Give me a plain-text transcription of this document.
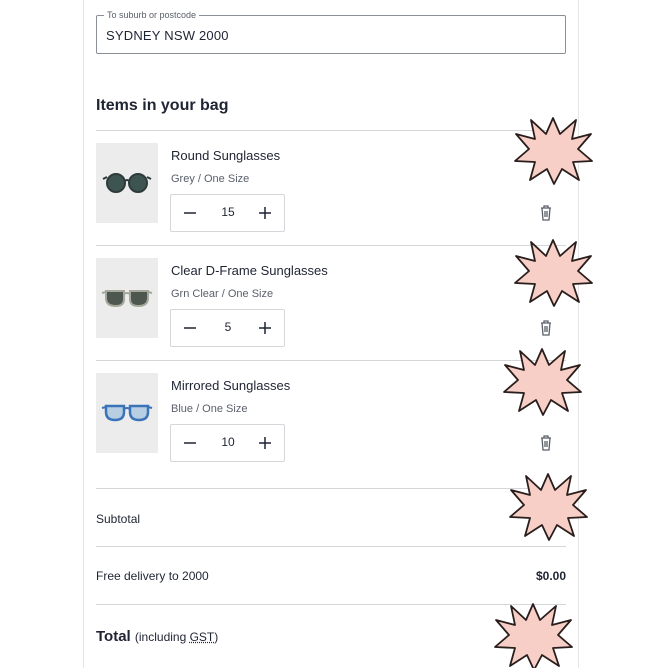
To suburb or postcode
SYDNEY NSW 2000
Items in your bag
Round Sunglasses
Grey / One Size
15
Clear D-Frame Sunglasses
Grn Clear / One Size
5
Mirrored Sunglasses
Blue / One Size
10
Subtotal
Free delivery to 2000	$0.00
Total (including GST)
